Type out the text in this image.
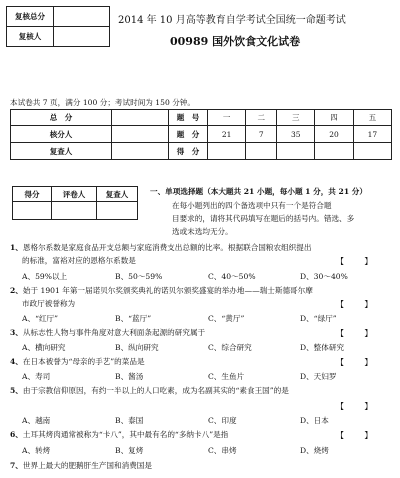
复核总分	
复核人	
2014 年 10 月高等教育自学考试全国统一命题考试
00989 国外饮食文化试卷
本试卷共 7 页，满分 100 分；考试时间为 150 分钟。
总　分		题　号	一	二	三	四	五
核分人		题　分	21	7	35	20	17
复查人		得　分					
得分	评卷人	复查人
			一、单项选择题（本大题共 21 小题，每小题 1 分，共 21 分）
在每小题列出的四个备选项中只有一个是符合题
目要求的，请将其代码填写在题后的括号内。错选、多
选或未选均无分。
1、恩格尔系数是家庭食品开支总额与家庭消费支出总额的比率。根据联合国粮农组织提出
的标准，富裕对应的恩格尔系数是	【	】
A、59%以上	B、50～59%	C、40～50%	D、30～40%
2、始于 1901 年第一届诺贝尔奖颁奖典礼的诺贝尔颁奖盛宴的举办地——瑞士斯德哥尔摩
市政厅被誉称为	【	】
A、“红厅”	B、“蓝厅”	C、“黄厅”	D、“绿厅”
3、从标志性人物与事件角度对意大利面条起源的研究属于	【	】
A、横向研究	B、纵向研究	C、综合研究	D、整体研究
4、在日本被誉为“母亲的手艺”的菜品是	【	】
A、寿司	B、酱汤	C、生鱼片	D、天妇罗
5、由于宗教信仰原因，有约一半以上的人口吃素，成为名副其实的“素食王国”的是
【	】
A、越南	B、泰国	C、印度	D、日本
6、土耳其烤肉通常被称为“卡八”，其中最有名的“多纳卡八”是指	【	】
A、转烤	B、复烤	C、串烤	D、烧烤
7、世界上最大的肥鹅肝生产国和消费国是
